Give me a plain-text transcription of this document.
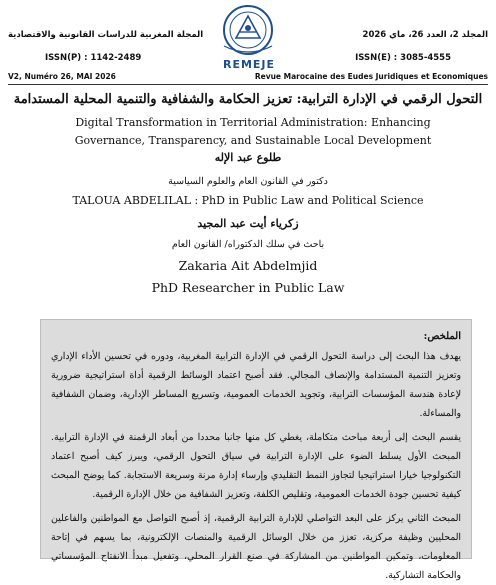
المجلة المغربية للدراسات القانونية والاقتصادية	المجلد 2، العدد 26، ماي 2026
REMEJE
ISSN(P) : 1142-2489	ISSN(E) : 3085-4555
V2, Numéro 26, MAI 2026	Revue Marocaine des Eudes Juridiques et Economiques
التحول الرقمي في الإدارة الترابية: تعزيز الحكامة والشفافية والتنمية المحلية المستدامة
Digital Transformation in Territorial Administration: Enhancing Governance, Transparency, and Sustainable Local Development
طلوع عبد الإله
دكتور في القانون العام والعلوم السياسية
TALOUA ABDELILAL : PhD in Public Law and Political Science
زكرياء أيت عبد المجيد
باحث في سلك الدكتوراه/ القانون العام
Zakaria Ait Abdelmjid
PhD Researcher in Public Law
الملخص:

يهدف هذا البحث إلى دراسة التحول الرقمي في الإدارة الترابية المغربية، ودوره في تحسين الأداء الإداري وتعزيز التنمية المستدامة والإنصاف المجالي. فقد أصبح اعتماد الوسائط الرقمية أداة استراتيجية ضرورية لإعادة هندسة المؤسسات الترابية، وتجويد الخدمات العمومية، وتسريع المساطر الإدارية، وضمان الشفافية والمساءلة.

يقسم البحث إلى أربعة مباحث متكاملة، يغطي كل منها جانبا محددا من أبعاد الرقمنة في الإدارة الترابية. المبحث الأول يسلط الضوء على الإدارة الترابية في سياق التحول الرقمي، ويبرز كيف أصبح اعتماد التكنولوجيا خيارا استراتيجيا لتجاوز النمط التقليدي وإرساء إدارة مرنة وسريعة الاستجابة. كما يوضح المبحث كيفية تحسين جودة الخدمات العمومية، وتقليص الكلفة، وتعزيز الشفافية من خلال الإدارة الرقمية.

المبحث الثاني يركز على البعد التواصلي للإدارة الترابية الرقمية، إذ أصبح التواصل مع المواطنين والفاعلين المحليين وظيفة مركزية، تعزز من خلال الوسائل الرقمية والمنصات الإلكترونية، بما يسهم في إتاحة المعلومات، وتمكين المواطنين من المشاركة في صنع القرار المحلي، وتفعيل مبدأ الانفتاح المؤسساتي والحكامة التشاركية.
